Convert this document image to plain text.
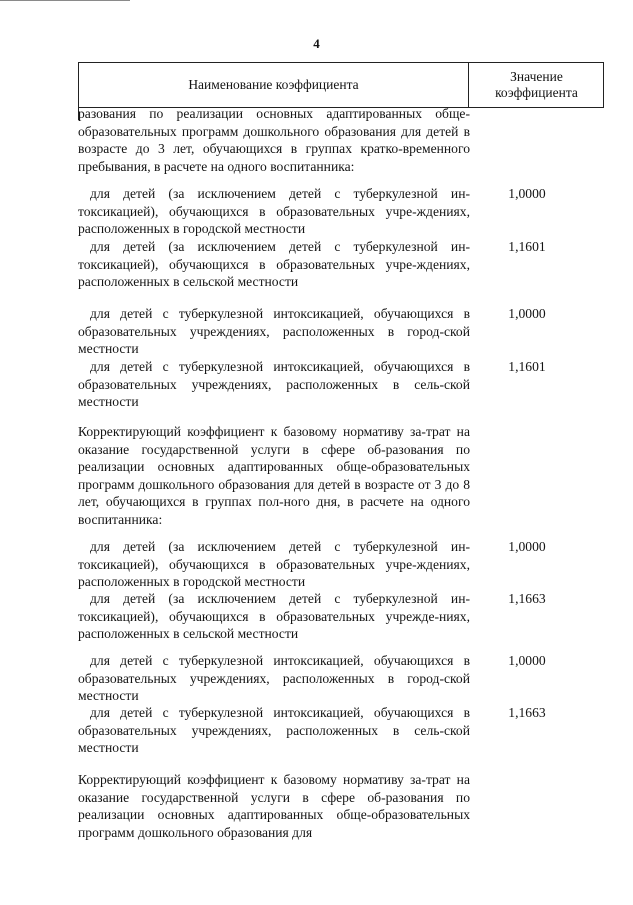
4
Наименование коэффициента
Значение
коэффициента
разования по реализации основных адаптированных обще-образовательных программ дошкольного образования для детей в возрасте до 3 лет, обучающихся в группах кратко-временного пребывания, в расчете на одного воспитанника:
для детей (за исключением детей с туберкулезной ин-токсикацией), обучающихся в образовательных учре-ждениях, расположенных в городской местности
1,0000
для детей (за исключением детей с туберкулезной ин-токсикацией), обучающихся в образовательных учре-ждениях, расположенных в сельской местности
1,1601
для детей с туберкулезной интоксикацией, обучающихся в образовательных учреждениях, расположенных в город-ской местности
1,0000
для детей с туберкулезной интоксикацией, обучающихся в образовательных учреждениях, расположенных в сель-ской местности
1,1601
Корректирующий коэффициент к базовому нормативу за-трат на оказание государственной услуги в сфере об-разования по реализации основных адаптированных обще-образовательных программ дошкольного образования для детей в возрасте от 3 до 8 лет, обучающихся в группах пол-ного дня, в расчете на одного воспитанника:
для детей (за исключением детей с туберкулезной ин-токсикацией), обучающихся в образовательных учре-ждениях, расположенных в городской местности
1,0000
для детей (за исключением детей с туберкулезной ин-токсикацией), обучающихся в образовательных учрежде-ниях, расположенных в сельской местности
1,1663
для детей с туберкулезной интоксикацией, обучающихся в образовательных учреждениях, расположенных в город-ской местности
1,0000
для детей с туберкулезной интоксикацией, обучающихся в образовательных учреждениях, расположенных в сель-ской местности
1,1663
Корректирующий коэффициент к базовому нормативу за-трат на оказание государственной услуги в сфере об-разования по реализации основных адаптированных обще-образовательных программ дошкольного образования для
